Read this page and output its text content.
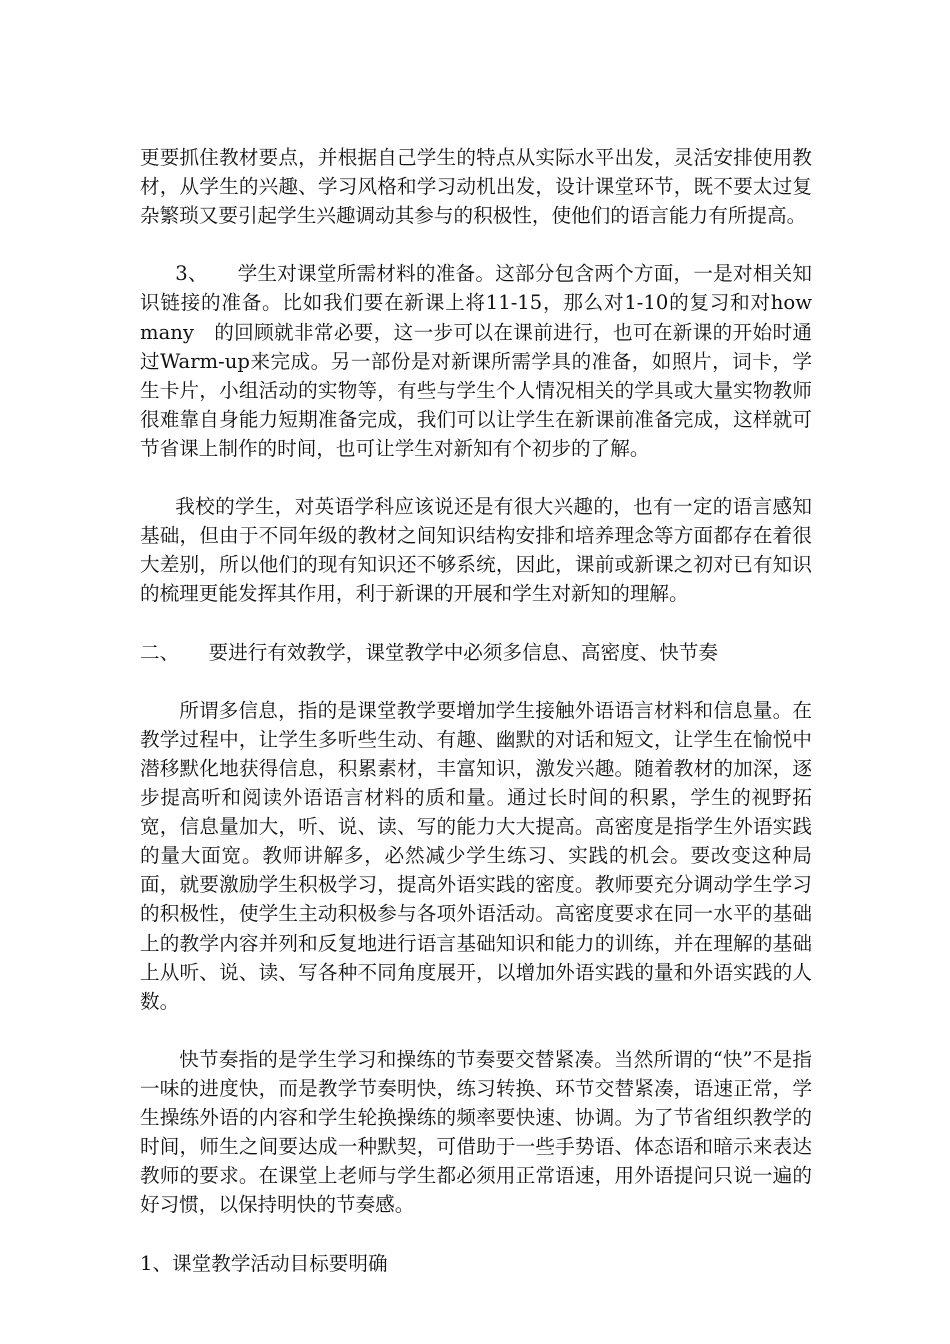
更要抓住教材要点，并根据自己学生的特点从实际水平出发，灵活安排使用教材，从学生的兴趣、学习风格和学习动机出发，设计课堂环节，既不要太过复杂繁琐又要引起学生兴趣调动其参与的积极性，使他们的语言能力有所提高。

3、　　学生对课堂所需材料的准备。这部分包含两个方面，一是对相关知识链接的准备。比如我们要在新课上将11-15，那么对1-10的复习和对how　many　的回顾就非常必要，这一步可以在课前进行，也可在新课的开始时通过Warm-up来完成。另一部份是对新课所需学具的准备，如照片，词卡，学生卡片，小组活动的实物等，有些与学生个人情况相关的学具或大量实物教师很难靠自身能力短期准备完成，我们可以让学生在新课前准备完成，这样就可节省课上制作的时间，也可让学生对新知有个初步的了解。

我校的学生，对英语学科应该说还是有很大兴趣的，也有一定的语言感知基础，但由于不同年级的教材之间知识结构安排和培养理念等方面都存在着很大差别，所以他们的现有知识还不够系统，因此，课前或新课之初对已有知识的梳理更能发挥其作用，利于新课的开展和学生对新知的理解。

二、　　要进行有效教学，课堂教学中必须多信息、高密度、快节奏

所谓多信息，指的是课堂教学要增加学生接触外语语言材料和信息量。在教学过程中，让学生多听些生动、有趣、幽默的对话和短文，让学生在愉悦中潜移默化地获得信息，积累素材，丰富知识，激发兴趣。随着教材的加深，逐步提高听和阅读外语语言材料的质和量。通过长时间的积累，学生的视野拓宽，信息量加大，听、说、读、写的能力大大提高。高密度是指学生外语实践的量大面宽。教师讲解多，必然减少学生练习、实践的机会。要改变这种局面，就要激励学生积极学习，提高外语实践的密度。教师要充分调动学生学习的积极性，使学生主动积极参与各项外语活动。高密度要求在同一水平的基础上的教学内容并列和反复地进行语言基础知识和能力的训练，并在理解的基础上从听、说、读、写各种不同角度展开，以增加外语实践的量和外语实践的人数。

快节奏指的是学生学习和操练的节奏要交替紧凑。当然所谓的“快”不是指一味的进度快，而是教学节奏明快，练习转换、环节交替紧凑，语速正常，学生操练外语的内容和学生轮换操练的频率要快速、协调。为了节省组织教学的时间，师生之间要达成一种默契，可借助于一些手势语、体态语和暗示来表达教师的要求。在课堂上老师与学生都必须用正常语速，用外语提问只说一遍的好习惯，以保持明快的节奏感。

1、课堂教学活动目标要明确
